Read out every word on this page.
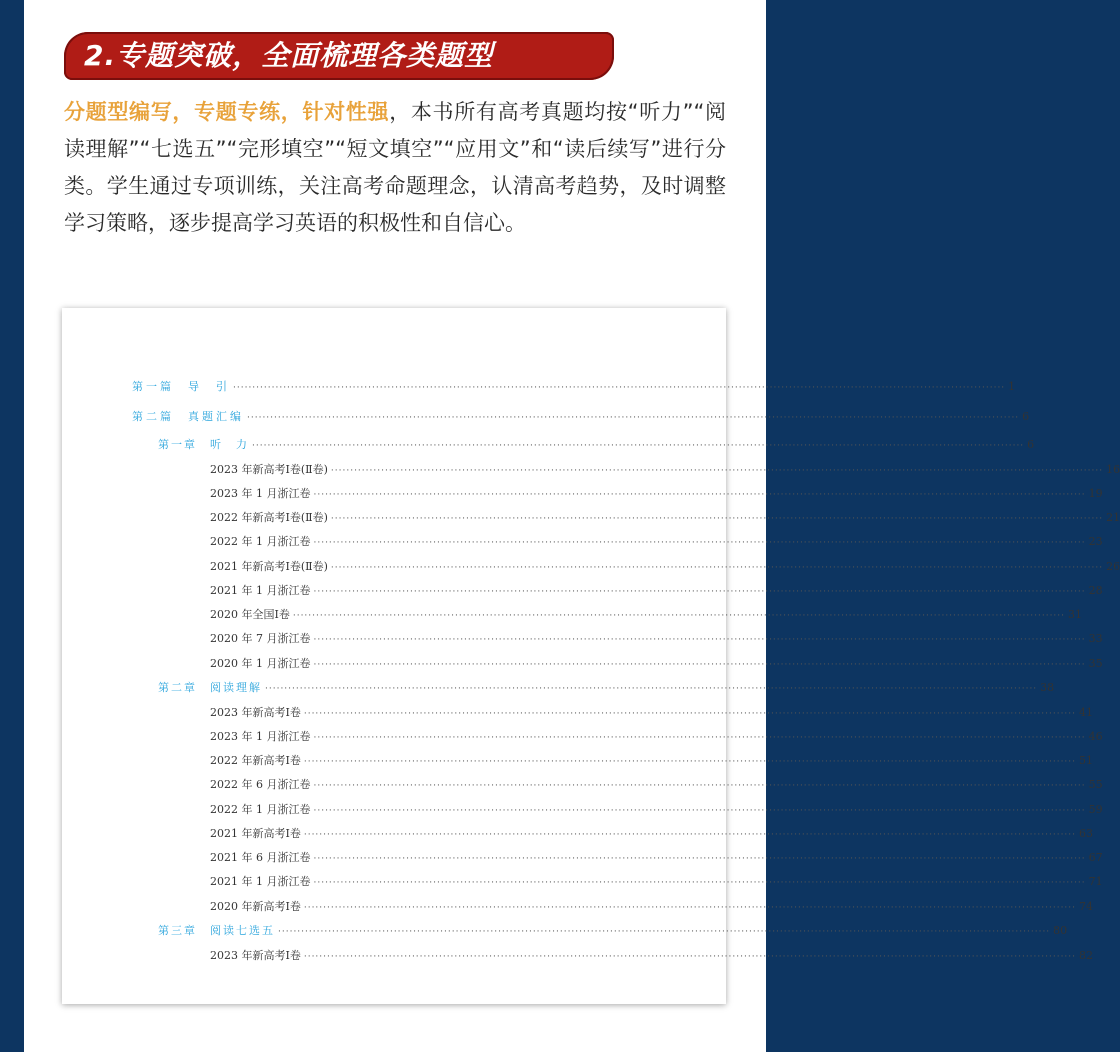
2.专题突破，全面梳理各类题型
分题型编写，专题专练，针对性强，本书所有高考真题均按“听力”“阅读理解”“七选五”“完形填空”“短文填空”“应用文”和“读后续写”进行分类。学生通过专项训练，关注高考命题理念，认清高考趋势，及时调整学习策略，逐步提高学习英语的积极性和自信心。
第一篇　导　引 ········································································································································································································ 1
第二篇　真题汇编 ········································································································································································································ 6
第一章　听　力 ········································································································································································································ 6
2023 年新高考Ⅰ卷(Ⅱ卷) ········································································································································································································ 16
2023 年 1 月浙江卷 ········································································································································································································ 19
2022 年新高考Ⅰ卷(Ⅱ卷) ········································································································································································································ 21
2022 年 1 月浙江卷 ········································································································································································································ 23
2021 年新高考Ⅰ卷(Ⅱ卷) ········································································································································································································ 26
2021 年 1 月浙江卷 ········································································································································································································ 28
2020 年全国Ⅰ卷 ········································································································································································································ 31
2020 年 7 月浙江卷 ········································································································································································································ 33
2020 年 1 月浙江卷 ········································································································································································································ 35
第二章　阅读理解 ········································································································································································································ 38
2023 年新高考Ⅰ卷 ········································································································································································································ 41
2023 年 1 月浙江卷 ········································································································································································································ 46
2022 年新高考Ⅰ卷 ········································································································································································································ 51
2022 年 6 月浙江卷 ········································································································································································································ 55
2022 年 1 月浙江卷 ········································································································································································································ 59
2021 年新高考Ⅰ卷 ········································································································································································································ 63
2021 年 6 月浙江卷 ········································································································································································································ 67
2021 年 1 月浙江卷 ········································································································································································································ 71
2020 年新高考Ⅰ卷 ········································································································································································································ 74
第三章　阅读七选五 ········································································································································································································ 80
2023 年新高考Ⅰ卷 ········································································································································································································ 82
